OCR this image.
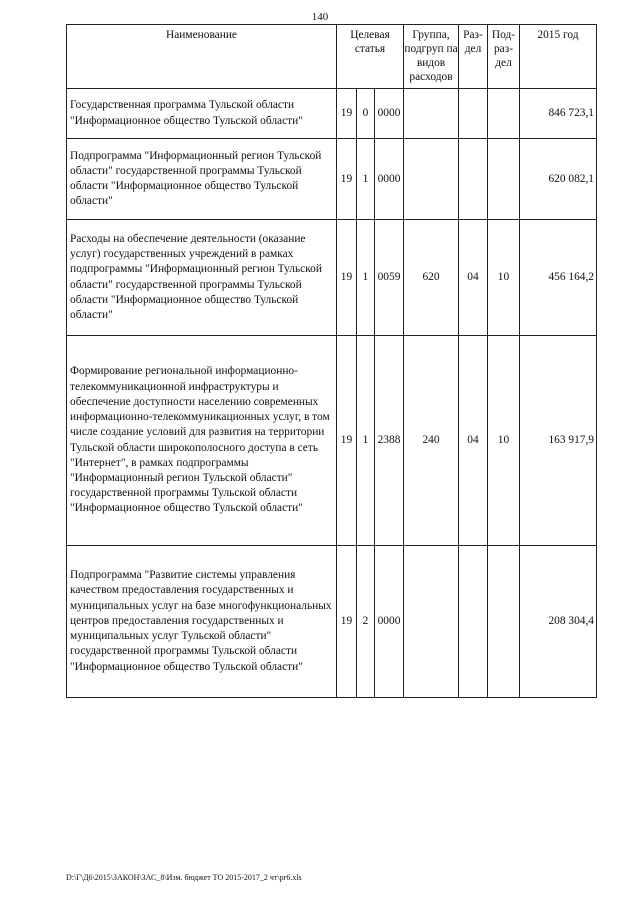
140
Наименование	Целевая статья			Группа, подгруп па видов расходов	Раз- дел	Под- раз- дел	2015 год
Государственная программа Тульской области "Информационное общество Тульской области"	19	0	0000				846 723,1
Подпрограмма "Информационный регион Тульской области" государственной программы Тульской области "Информационное общество Тульской области"	19	1	0000				620 082,1
Расходы на обеспечение деятельности (оказание услуг) государственных учреждений в рамках подпрограммы "Информационный регион Тульской области" государственной программы Тульской области "Информационное общество Тульской области"	19	1	0059	620	04	10	456 164,2
Формирование региональной информационно-телекоммуникационной инфраструктуры и обеспечение доступности населению современных информационно-телекоммуникационных услуг, в том числе создание условий для развития на территории Тульской области широкополосного доступа в сеть "Интернет", в рамках подпрограммы "Информационный регион Тульской области" государственной программы Тульской области "Информационное общество Тульской области"	19	1	2388	240	04	10	163 917,9
Подпрограмма "Развитие системы управления качеством предоставления государственных и муниципальных услуг на базе многофункциональных центров предоставления государственных и муниципальных услуг Тульской области" государственной программы Тульской области "Информационное общество Тульской области"	19	2	0000				208 304,4
D:\Г\Д6\2015\ЗАКОН\ЗАС_8\Изм. бюджет ТО 2015-2017_2 чт\pr6.xls
